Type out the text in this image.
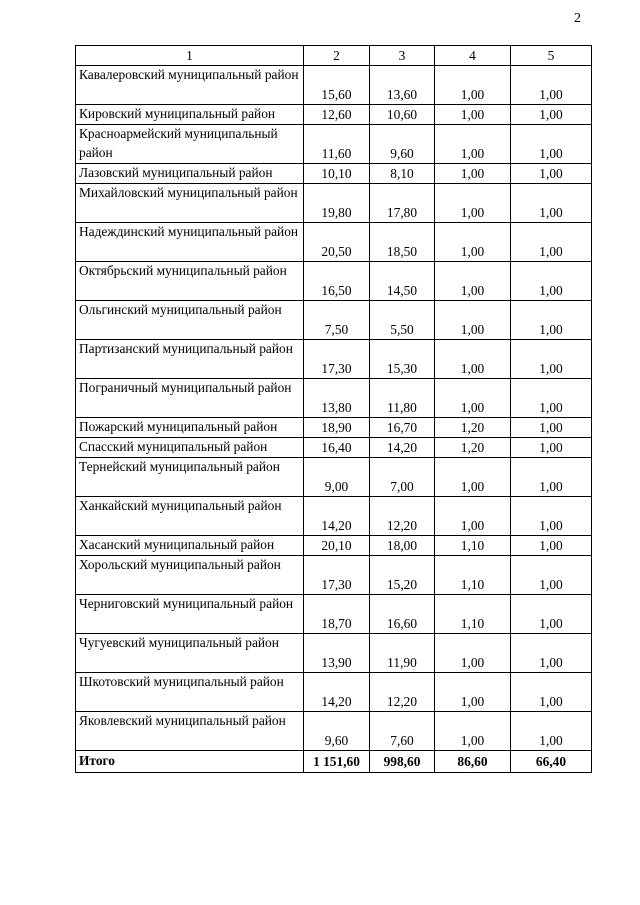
2
1	2	3	4	5
Кавалеровский муниципальный район	15,60	13,60	1,00	1,00
Кировский муниципальный район	12,60	10,60	1,00	1,00
Красноармейский муниципальный район	11,60	9,60	1,00	1,00
Лазовский муниципальный район	10,10	8,10	1,00	1,00
Михайловский муниципальный район	19,80	17,80	1,00	1,00
Надеждинский муниципальный район	20,50	18,50	1,00	1,00
Октябрьский муниципальный район	16,50	14,50	1,00	1,00
Ольгинский муниципальный район	7,50	5,50	1,00	1,00
Партизанский муниципальный район	17,30	15,30	1,00	1,00
Пограничный муниципальный район	13,80	11,80	1,00	1,00
Пожарский муниципальный район	18,90	16,70	1,20	1,00
Спасский муниципальный район	16,40	14,20	1,20	1,00
Тернейский муниципальный район	9,00	7,00	1,00	1,00
Ханкайский муниципальный район	14,20	12,20	1,00	1,00
Хасанский муниципальный район	20,10	18,00	1,10	1,00
Хорольский муниципальный район	17,30	15,20	1,10	1,00
Черниговский муниципальный район	18,70	16,60	1,10	1,00
Чугуевский муниципальный район	13,90	11,90	1,00	1,00
Шкотовский муниципальный район	14,20	12,20	1,00	1,00
Яковлевский муниципальный район	9,60	7,60	1,00	1,00
Итого	1 151,60	998,60	86,60	66,40
